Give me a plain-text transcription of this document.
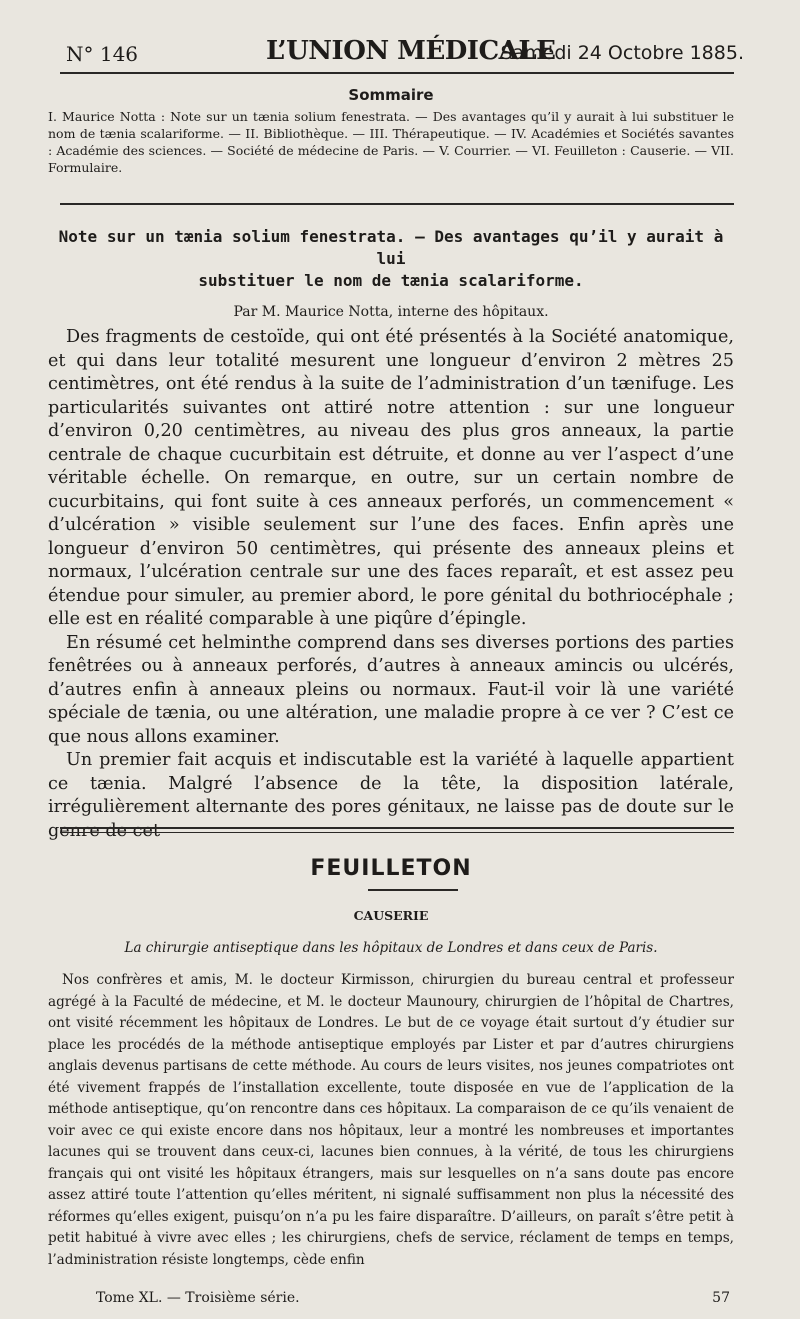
N° 146	L’UNION MÉDICALE
Samedi 24 Octobre 1885.
Sommaire

I. Maurice Notta : Note sur un tænia solium fenestrata. — Des avantages qu’il y aurait à lui substituer le nom de tænia scalariforme. — II. Bibliothèque. — III. Thérapeutique. — IV. Académies et Sociétés savantes : Académie des sciences. — Société de médecine de Paris. — V. Courrier. — VI. Feuilleton : Causerie. — VII. Formulaire.

Note sur un tænia solium fenestrata. — Des avantages qu’il y aurait à lui
substituer le nom de tænia scalariforme.
Par M. Maurice Notta, interne des hôpitaux.

Des fragments de cestoïde, qui ont été présentés à la Société anatomique, et qui dans leur totalité mesurent une longueur d’environ 2 mètres 25 centimètres, ont été rendus à la suite de l’administration d’un tænifuge. Les particularités suivantes ont attiré notre attention : sur une longueur d’environ 0,20 centimètres, au niveau des plus gros anneaux, la partie centrale de chaque cucurbitain est détruite, et donne au ver l’aspect d’une véritable échelle. On remarque, en outre, sur un certain nombre de cucurbitains, qui font suite à ces anneaux perforés, un commencement « d’ulcération » visible seulement sur l’une des faces. Enfin après une longueur d’environ 50 centimètres, qui présente des anneaux pleins et normaux, l’ulcération centrale sur une des faces reparaît, et est assez peu étendue pour simuler, au premier abord, le pore génital du bothriocéphale ; elle est en réalité comparable à une piqûre d’épingle.

En résumé cet helminthe comprend dans ses diverses portions des parties fenêtrées ou à anneaux perforés, d’autres à anneaux amincis ou ulcérés, d’autres enfin à anneaux pleins ou normaux. Faut-il voir là une variété spéciale de tænia, ou une altération, une maladie propre à ce ver ? C’est ce que nous allons examiner.

Un premier fait acquis et indiscutable est la variété à laquelle appartient ce tænia. Malgré l’absence de la tête, la disposition latérale, irrégulièrement alternante des pores génitaux, ne laisse pas de doute sur le genre de cet

FEUILLETON
CAUSERIE
La chirurgie antiseptique dans les hôpitaux de Londres et dans ceux de Paris.

Nos confrères et amis, M. le docteur Kirmisson, chirurgien du bureau central et professeur agrégé à la Faculté de médecine, et M. le docteur Maunoury, chirurgien de l’hôpital de Chartres, ont visité récemment les hôpitaux de Londres. Le but de ce voyage était surtout d’y étudier sur place les procédés de la méthode antiseptique employés par Lister et par d’autres chirurgiens anglais devenus partisans de cette méthode. Au cours de leurs visites, nos jeunes compatriotes ont été vivement frappés de l’installation excellente, toute disposée en vue de l’application de la méthode antiseptique, qu’on rencontre dans ces hôpitaux. La comparaison de ce qu’ils venaient de voir avec ce qui existe encore dans nos hôpitaux, leur a montré les nombreuses et importantes lacunes qui se trouvent dans ceux-ci, lacunes bien connues, à la vérité, de tous les chirurgiens français qui ont visité les hôpitaux étrangers, mais sur lesquelles on n’a sans doute pas encore assez attiré toute l’attention qu’elles méritent, ni signalé suffisamment non plus la nécessité des réformes qu’elles exigent, puisqu’on n’a pu les faire disparaître. D’ailleurs, on paraît s’être petit à petit habitué à vivre avec elles ; les chirurgiens, chefs de service, réclament de temps en temps, l’administration résiste longtemps, cède enfin

Tome XL. — Troisième série.	57
